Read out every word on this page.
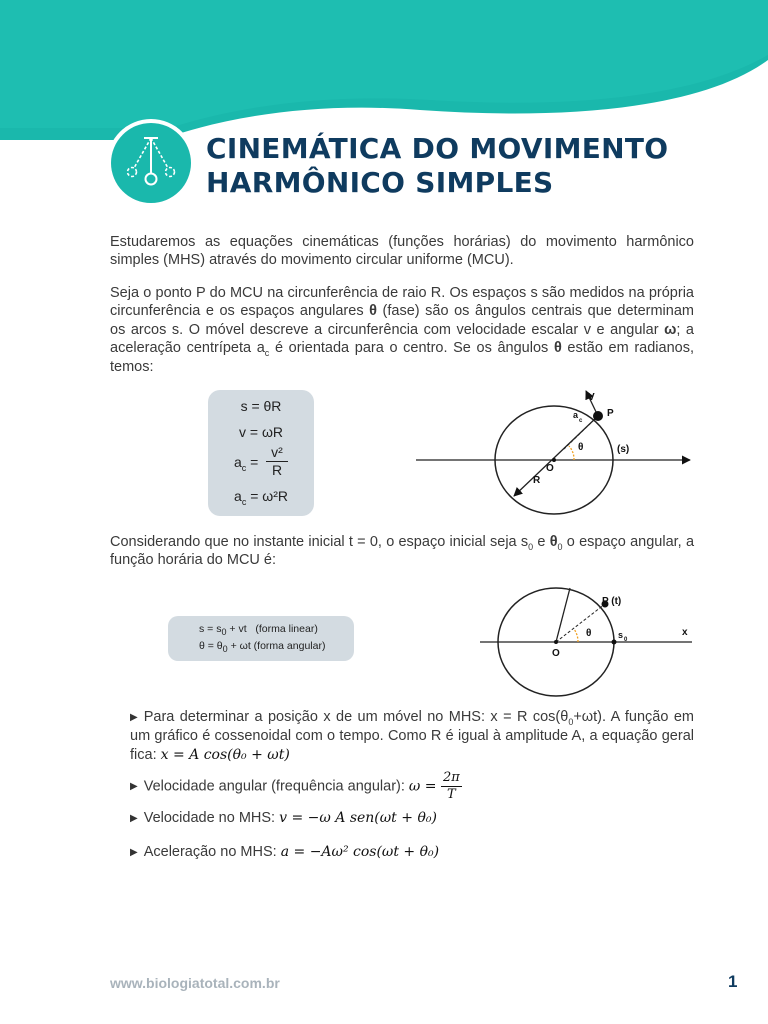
CINEMÁTICA DO MOVIMENTO
HARMÔNICO SIMPLES

Estudaremos as equações cinemáticas (funções horárias) do movimento harmônico simples (MHS) através do movimento circular uniforme (MCU).

Seja o ponto P do MCU na circunferência de raio R. Os espaços s são medidos na própria circunferência e os espaços angulares θ (fase) são os ângulos centrais que determinam os arcos s. O móvel descreve a circunferência com velocidade escalar v e angular ω; a aceleração centrípeta $a_c$ é orientada para o centro. Se os ângulos θ estão em radianos, temos:

s = θR
v = ωR
$a_c = \frac{\text{v²}}{R}$
$a_c = \omega^2R$
V
a
c
P
θ	(s)
O
R

Considerando que no instante inicial t = 0, o espaço inicial seja $s_0$ e $\theta_0$ o espaço angular, a função horária do MCU é:

$s = s_0$ + vt (forma linear)
$\theta = \theta_0 + \omega t$ (forma angular)
P (t)
θ	s 0
x
O
▶ Para determinar a posição x de um móvel no MHS: x = R $\cos(\theta_0+\omega t)$. A função em um gráfico é cossenoidal com o tempo. Como R é igual à amplitude A, a equação geral fica: x = A cos(θ₀ + ωt)
▶ Velocidade angular (frequência angular): $\omega = \frac{2\pi}{T}$
▶ Velocidade no MHS: v = −ω A sen(ωt + θ₀)
▶ Aceleração no MHS: a = −Aω² cos(ωt + θ₀)
www.biologiatotal.com.br	1
